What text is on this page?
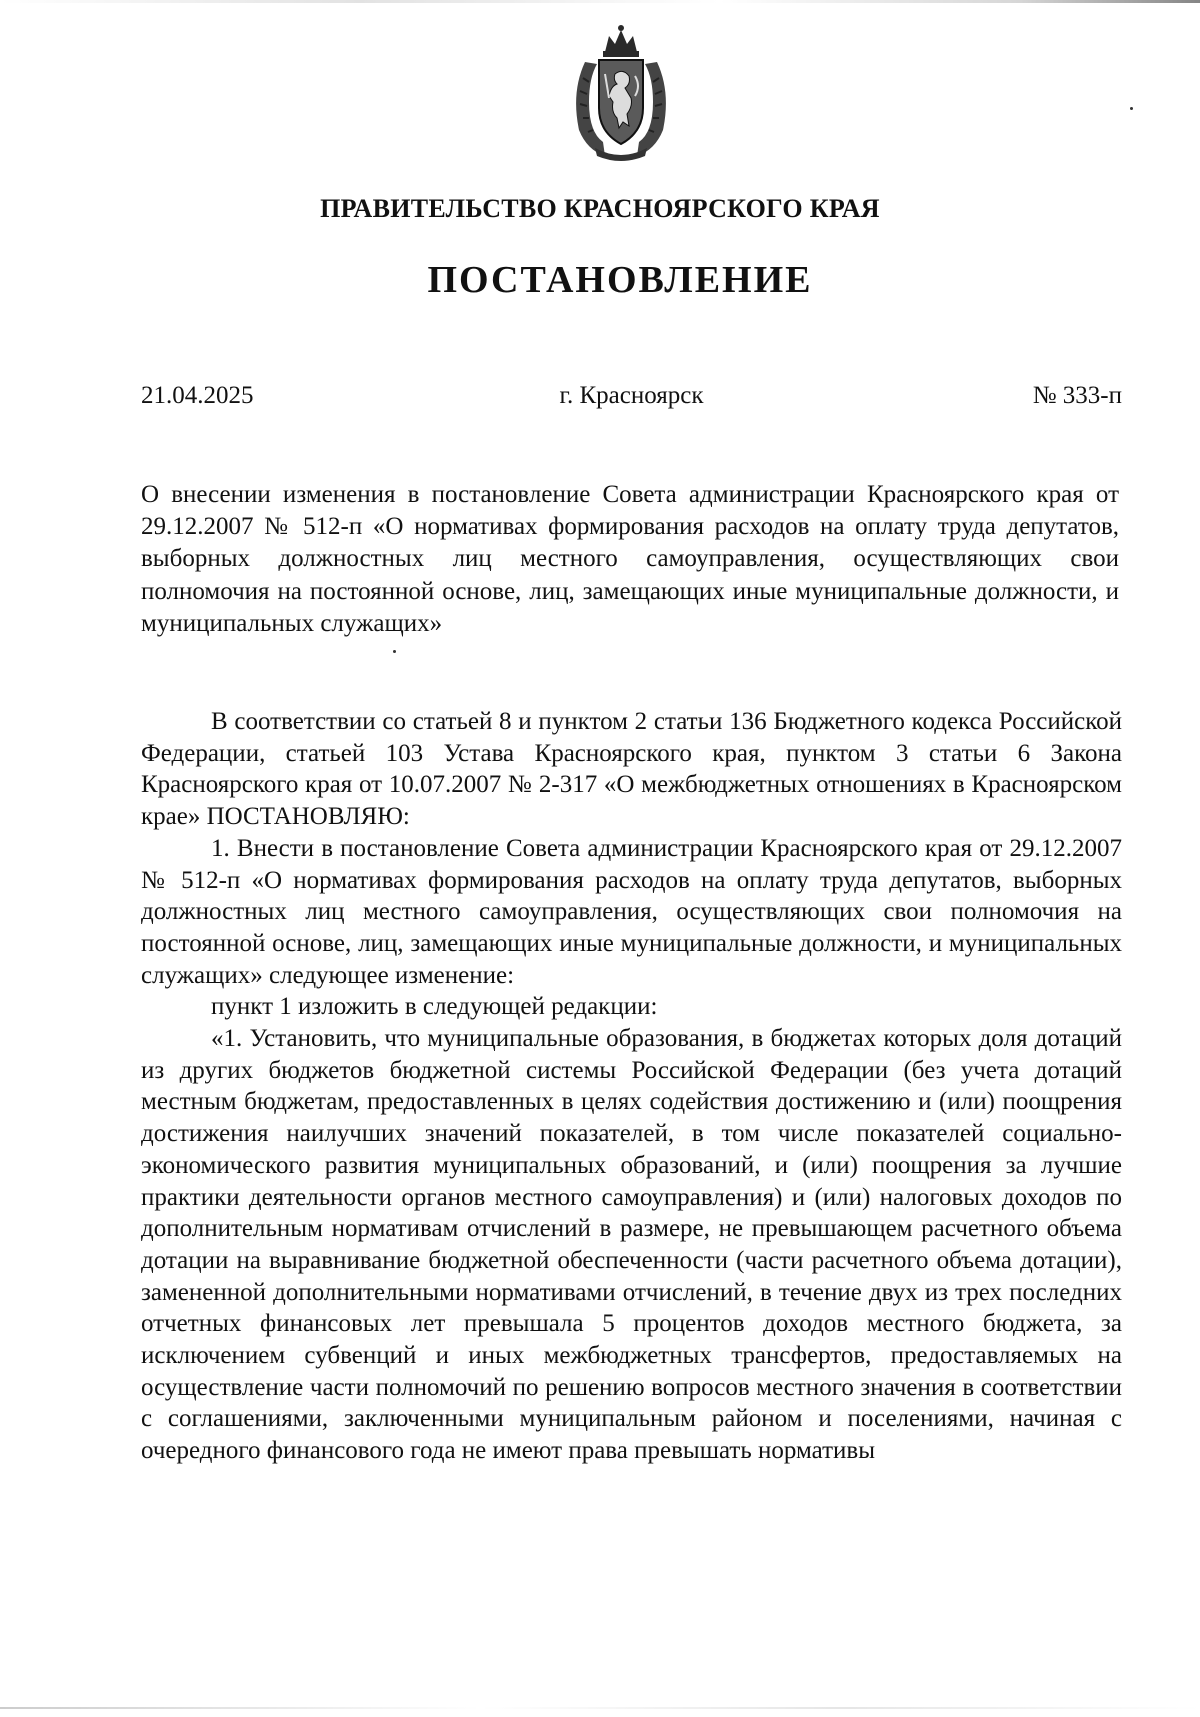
ПРАВИТЕЛЬСТВО КРАСНОЯРСКОГО КРАЯ
ПОСТАНОВЛЕНИЕ
21.04.2025	г. Красноярск	№ 333-п
О внесении изменения в постановление Совета администрации Красноярского края от 29.12.2007 № 512-п «О нормативах формирования расходов на оплату труда депутатов, выборных должностных лиц местного самоуправления, осуществляющих свои полномочия на постоянной основе, лиц, замещающих иные муниципальные должности, и муниципальных служащих»

В соответствии со статьей 8 и пунктом 2 статьи 136 Бюджетного кодекса Российской Федерации, статьей 103 Устава Красноярского края, пунктом 3 статьи 6 Закона Красноярского края от 10.07.2007 № 2-317 «О межбюджетных отношениях в Красноярском крае» ПОСТАНОВЛЯЮ:

1. Внести в постановление Совета администрации Красноярского края от 29.12.2007 № 512-п «О нормативах формирования расходов на оплату труда депутатов, выборных должностных лиц местного самоуправления, осуществляющих свои полномочия на постоянной основе, лиц, замещающих иные муниципальные должности, и муниципальных служащих» следующее изменение:

пункт 1 изложить в следующей редакции:

«1. Установить, что муниципальные образования, в бюджетах которых доля дотаций из других бюджетов бюджетной системы Российской Федерации (без учета дотаций местным бюджетам, предоставленных в целях содействия достижению и (или) поощрения достижения наилучших значений показателей, в том числе показателей социально-экономического развития муниципальных образований, и (или) поощрения за лучшие практики деятельности органов местного самоуправления) и (или) налоговых доходов по дополнительным нормативам отчислений в размере, не превышающем расчетного объема дотации на выравнивание бюджетной обеспеченности (части расчетного объема дотации), замененной дополнительными нормативами отчислений, в течение двух из трех последних отчетных финансовых лет превышала 5 процентов доходов местного бюджета, за исключением субвенций и иных межбюджетных трансфертов, предоставляемых на осуществление части полномочий по решению вопросов местного значения в соответствии с соглашениями, заключенными муниципальным районом и поселениями, начиная с очередного финансового года не имеют права превышать нормативы
